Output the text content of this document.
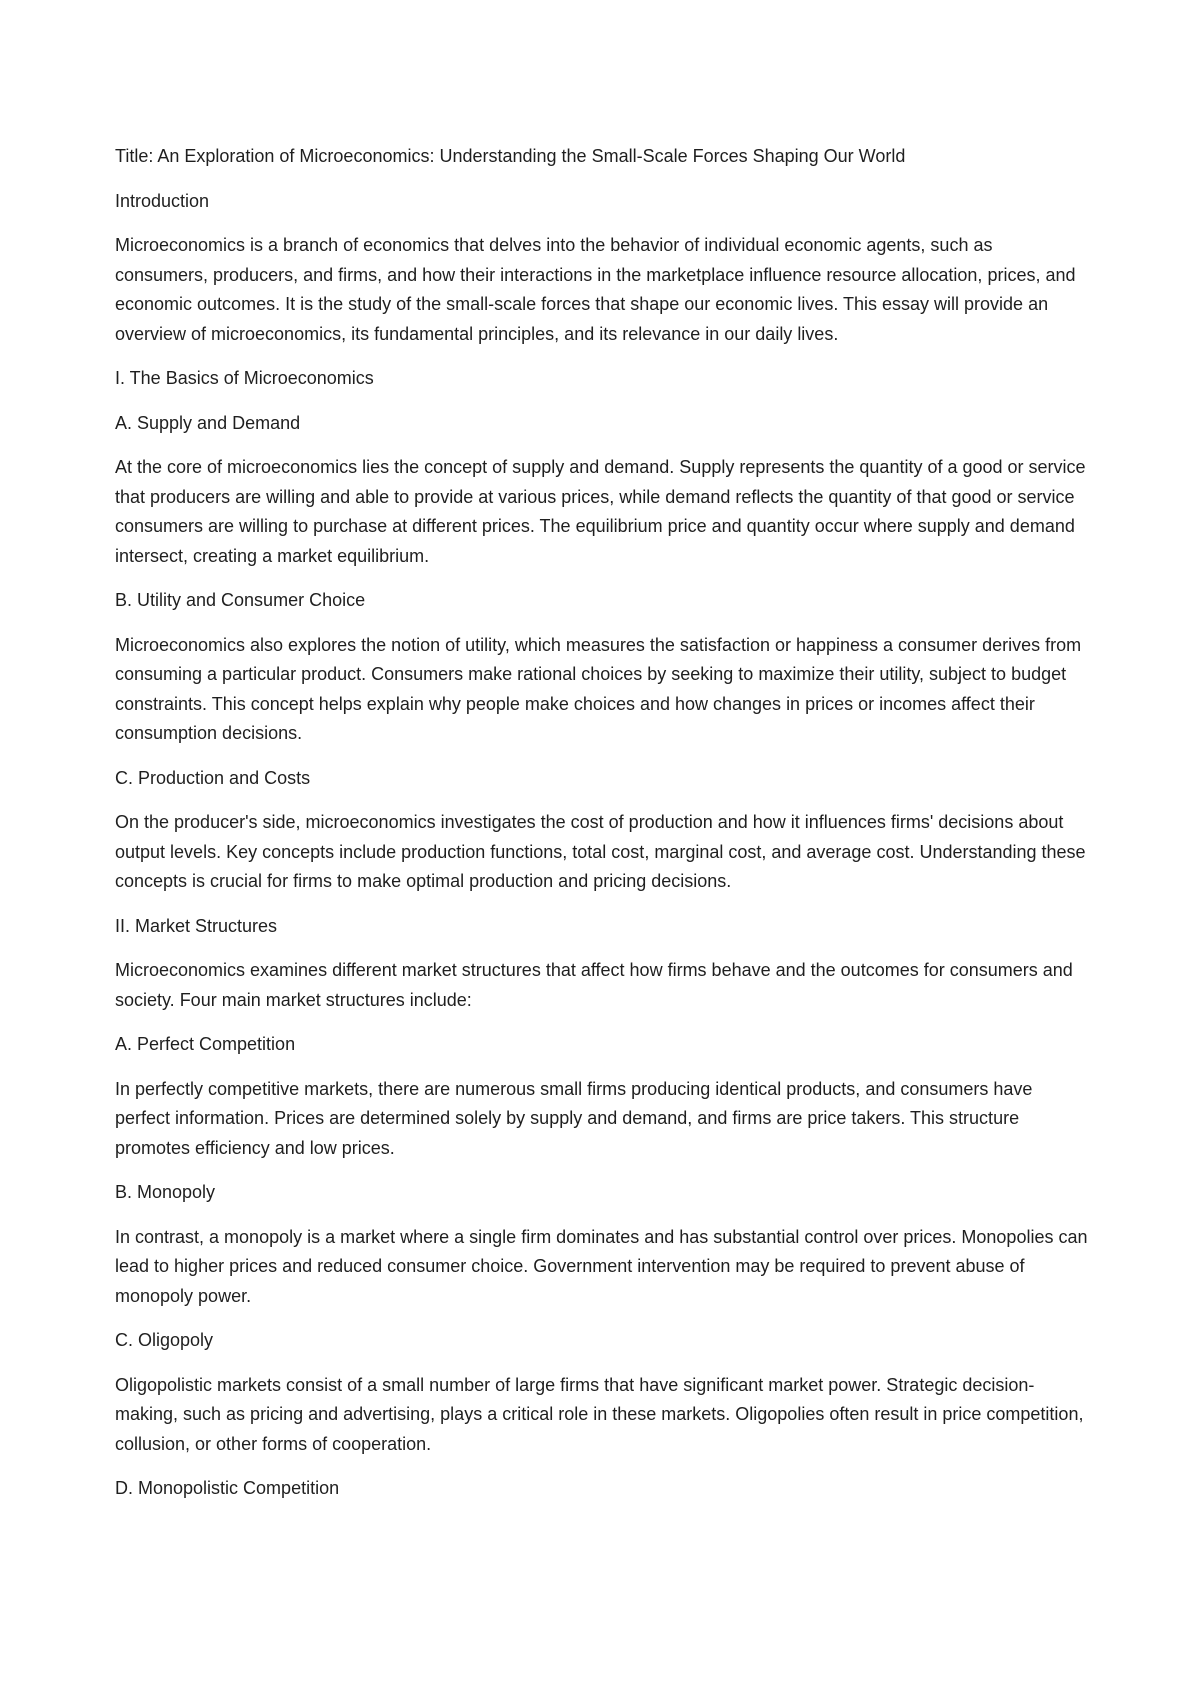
Title: An Exploration of Microeconomics: Understanding the Small-Scale Forces Shaping Our World

Introduction

Microeconomics is a branch of economics that delves into the behavior of individual economic agents, such as consumers, producers, and firms, and how their interactions in the marketplace influence resource allocation, prices, and economic outcomes. It is the study of the small-scale forces that shape our economic lives. This essay will provide an overview of microeconomics, its fundamental principles, and its relevance in our daily lives.

I. The Basics of Microeconomics

A. Supply and Demand

At the core of microeconomics lies the concept of supply and demand. Supply represents the quantity of a good or service that producers are willing and able to provide at various prices, while demand reflects the quantity of that good or service consumers are willing to purchase at different prices. The equilibrium price and quantity occur where supply and demand intersect, creating a market equilibrium.

B. Utility and Consumer Choice

Microeconomics also explores the notion of utility, which measures the satisfaction or happiness a consumer derives from consuming a particular product. Consumers make rational choices by seeking to maximize their utility, subject to budget constraints. This concept helps explain why people make choices and how changes in prices or incomes affect their consumption decisions.

C. Production and Costs

On the producer's side, microeconomics investigates the cost of production and how it influences firms' decisions about output levels. Key concepts include production functions, total cost, marginal cost, and average cost. Understanding these concepts is crucial for firms to make optimal production and pricing decisions.

II. Market Structures

Microeconomics examines different market structures that affect how firms behave and the outcomes for consumers and society. Four main market structures include:

A. Perfect Competition

In perfectly competitive markets, there are numerous small firms producing identical products, and consumers have perfect information. Prices are determined solely by supply and demand, and firms are price takers. This structure promotes efficiency and low prices.

B. Monopoly

In contrast, a monopoly is a market where a single firm dominates and has substantial control over prices. Monopolies can lead to higher prices and reduced consumer choice. Government intervention may be required to prevent abuse of monopoly power.

C. Oligopoly

Oligopolistic markets consist of a small number of large firms that have significant market power. Strategic decision-making, such as pricing and advertising, plays a critical role in these markets. Oligopolies often result in price competition, collusion, or other forms of cooperation.

D. Monopolistic Competition
